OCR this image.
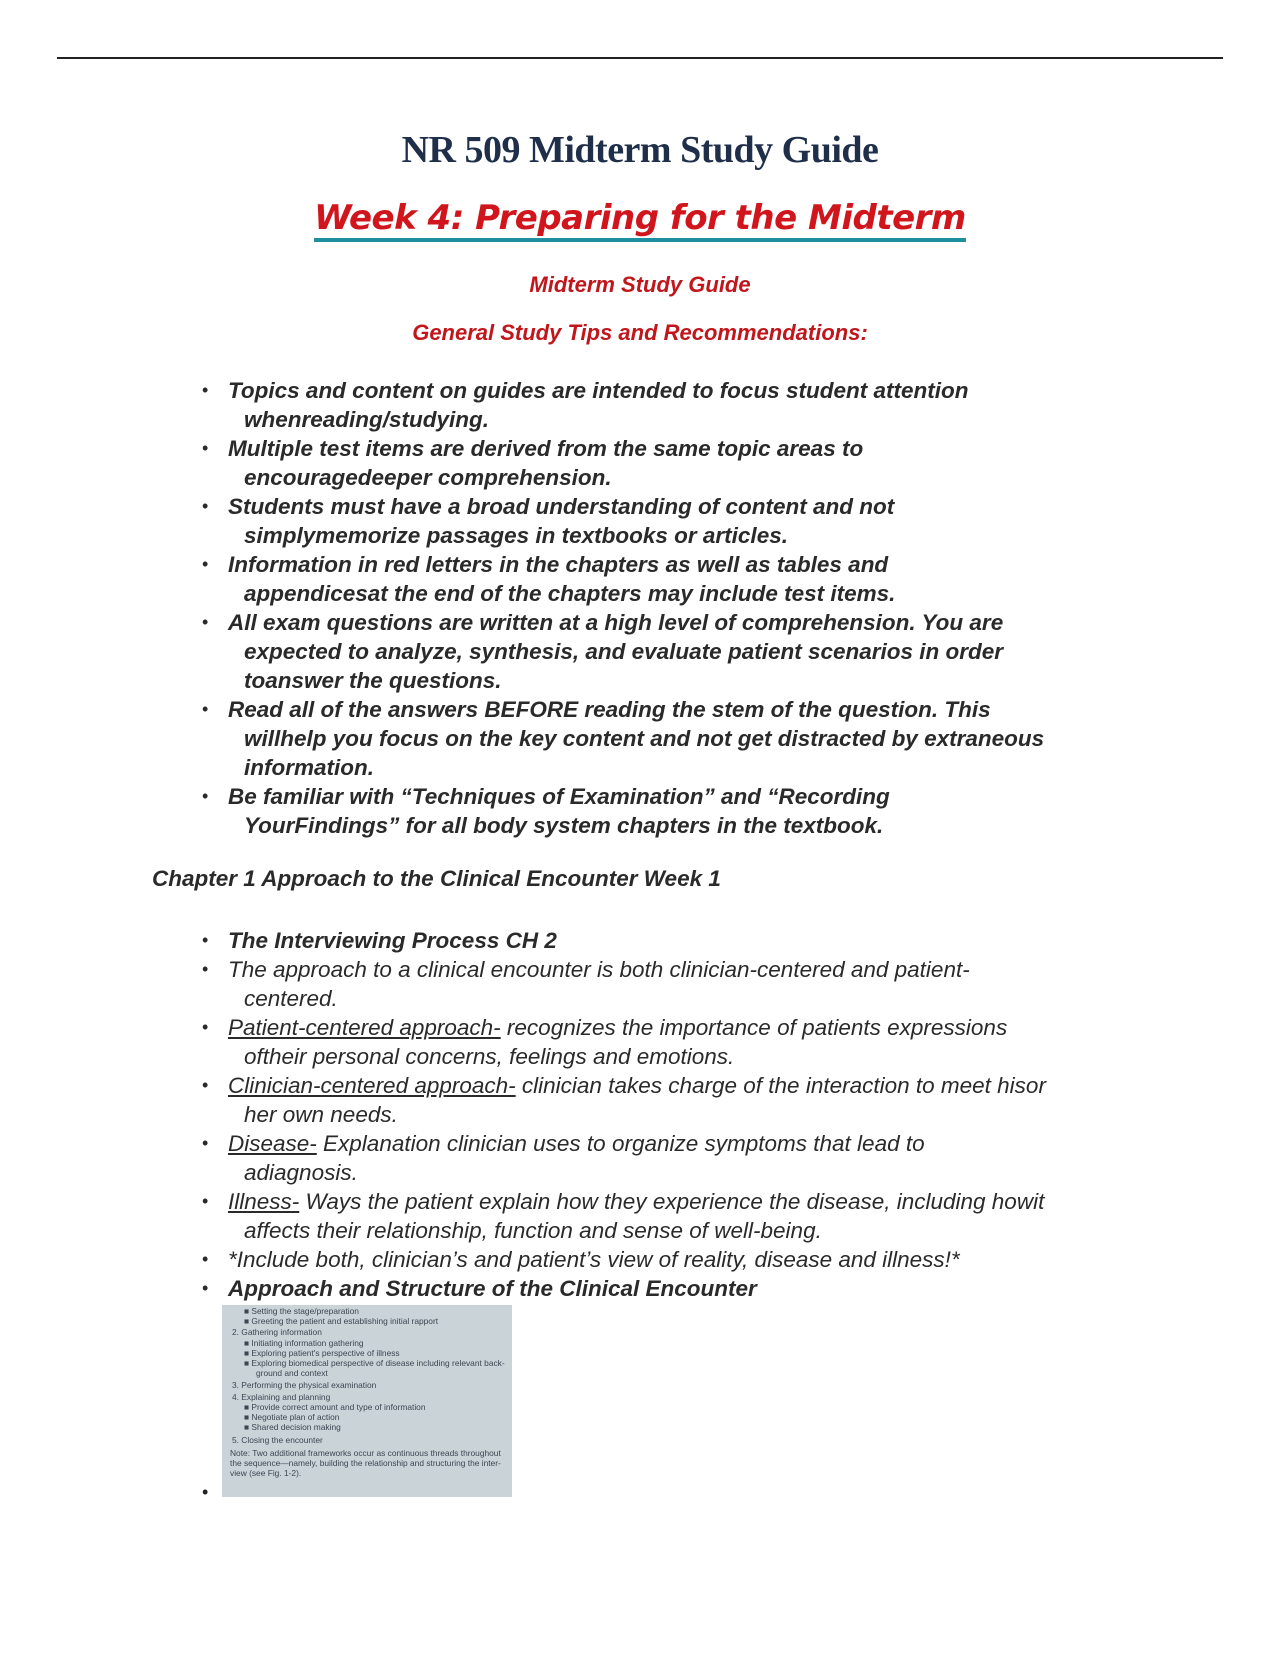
NR 509 Midterm Study Guide
Week 4: Preparing for the Midterm

Midterm Study Guide

General Study Tips and Recommendations:

• Topics and content on guides are intended to focus student attention
whenreading/studying.
• Multiple test items are derived from the same topic areas to
encouragedeeper comprehension.
• Students must have a broad understanding of content and not
simplymemorize passages in textbooks or articles.
• Information in red letters in the chapters as well as tables and
appendicesat the end of the chapters may include test items.
• All exam questions are written at a high level of comprehension. You are
expected to analyze, synthesis, and evaluate patient scenarios in order
toanswer the questions.
• Read all of the answers BEFORE reading the stem of the question. This
willhelp you focus on the key content and not get distracted by extraneous
information.
• Be familiar with “Techniques of Examination” and “Recording
YourFindings” for all body system chapters in the textbook.

Chapter 1 Approach to the Clinical Encounter Week 1

• The Interviewing Process CH 2
• The approach to a clinical encounter is both clinician-centered and patient-
centered.
• Patient-centered approach- recognizes the importance of patients expressions
oftheir personal concerns, feelings and emotions.
• Clinician-centered approach- clinician takes charge of the interaction to meet hisor
her own needs.
• Disease- Explanation clinician uses to organize symptoms that lead to
adiagnosis.
• Illness- Ways the patient explain how they experience the disease, including howit
affects their relationship, function and sense of well-being.
• *Include both, clinician’s and patient’s view of reality, disease and illness!*
• Approach and Structure of the Clinical Encounter
■ Setting the stage/preparation
■ Greeting the patient and establishing initial rapport
2. Gathering information
■ Initiating information gathering
■ Exploring patient's perspective of illness
■ Exploring biomedical perspective of disease including relevant back-
ground and context
3. Performing the physical examination
4. Explaining and planning
■ Provide correct amount and type of information
■ Negotiate plan of action
■ Shared decision making
5. Closing the encounter
Note: Two additional frameworks occur as continuous threads throughout
the sequence—namely, building the relationship and structuring the inter-
view (see Fig. 1-2).
•
